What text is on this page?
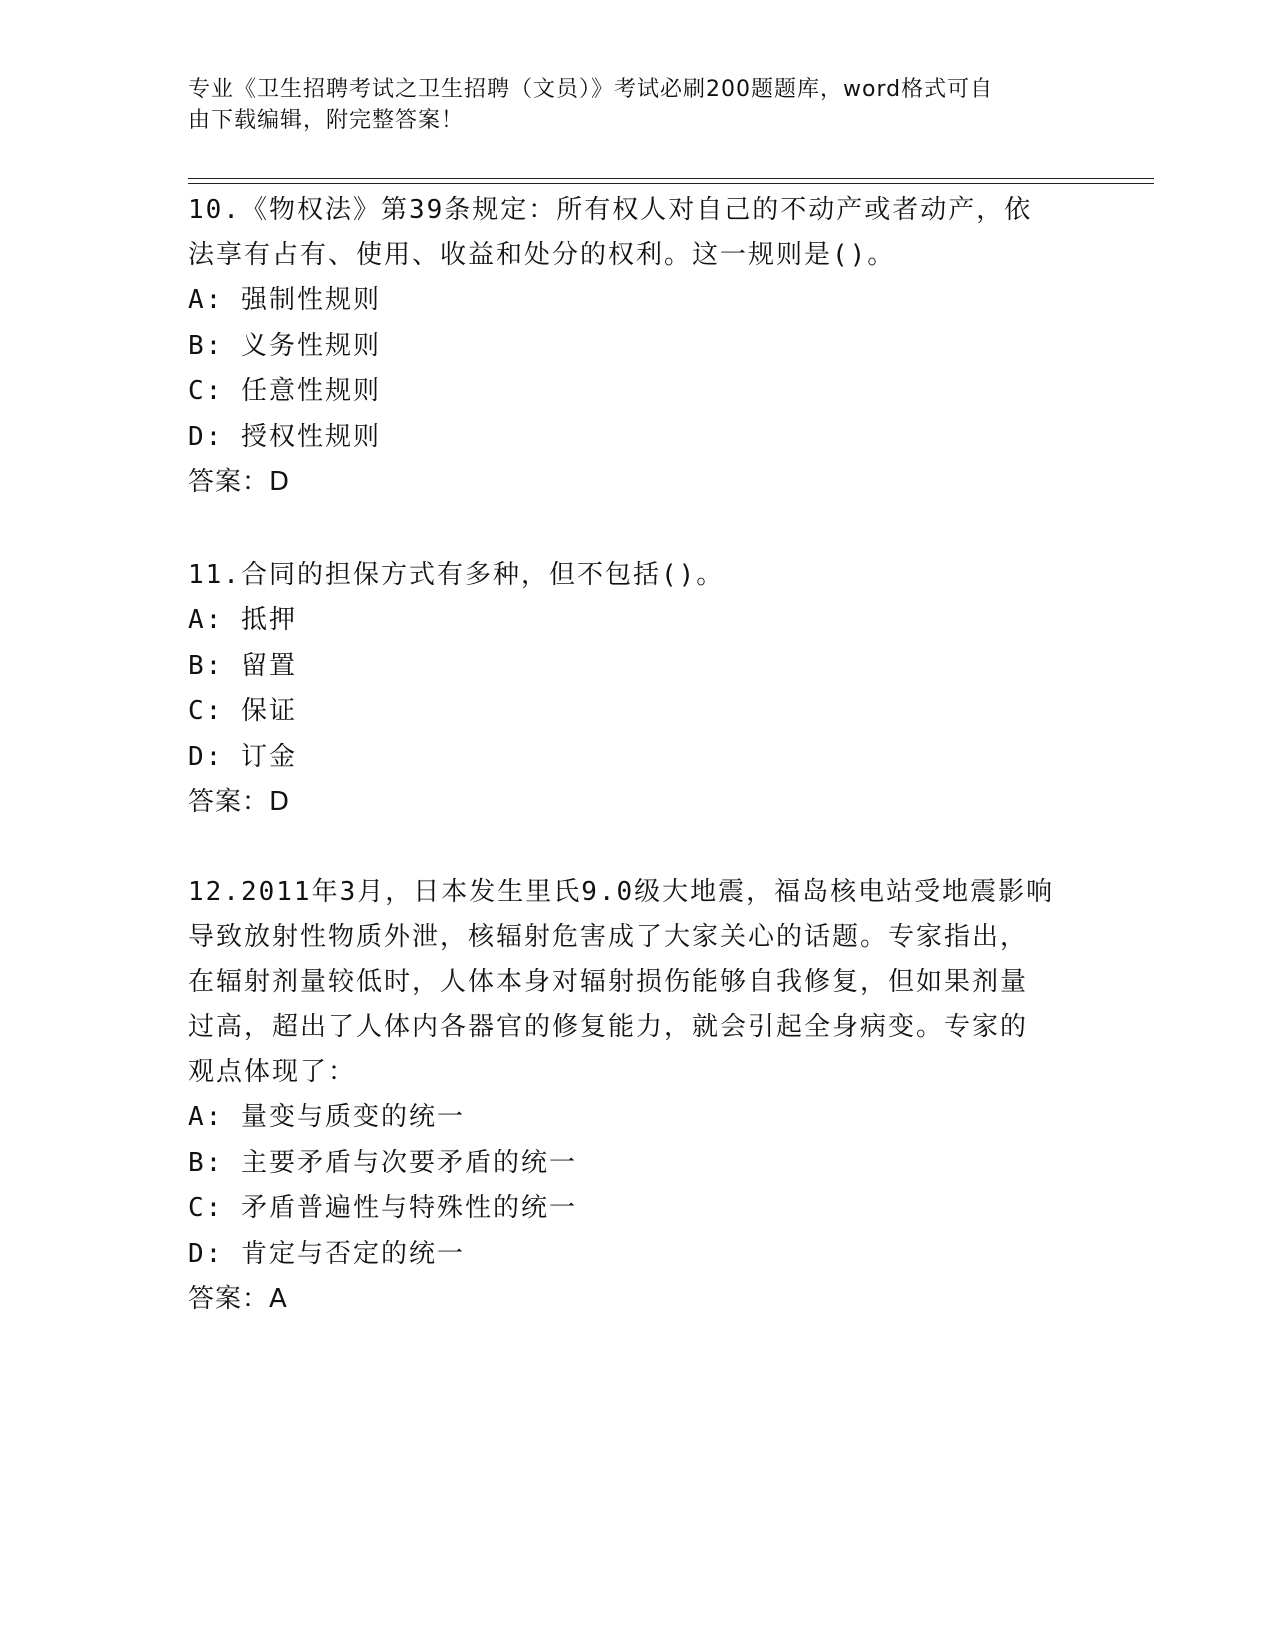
专业《卫生招聘考试之卫生招聘（文员）》考试必刷200题题库，word格式可自
由下载编辑，附完整答案！

10.《物权法》第39条规定：所有权人对自己的不动产或者动产，依

法享有占有、使用、收益和处分的权利。这一规则是()。

A: 强制性规则

B: 义务性规则

C: 任意性规则

D: 授权性规则

答案：D

11.合同的担保方式有多种，但不包括()。

A: 抵押

B: 留置

C: 保证

D: 订金

答案：D

12.2011年3月，日本发生里氏9.0级大地震，福岛核电站受地震影响

导致放射性物质外泄，核辐射危害成了大家关心的话题。专家指出，

在辐射剂量较低时，人体本身对辐射损伤能够自我修复，但如果剂量

过高，超出了人体内各器官的修复能力，就会引起全身病变。专家的

观点体现了：

A: 量变与质变的统一

B: 主要矛盾与次要矛盾的统一

C: 矛盾普遍性与特殊性的统一

D: 肯定与否定的统一

答案：A
